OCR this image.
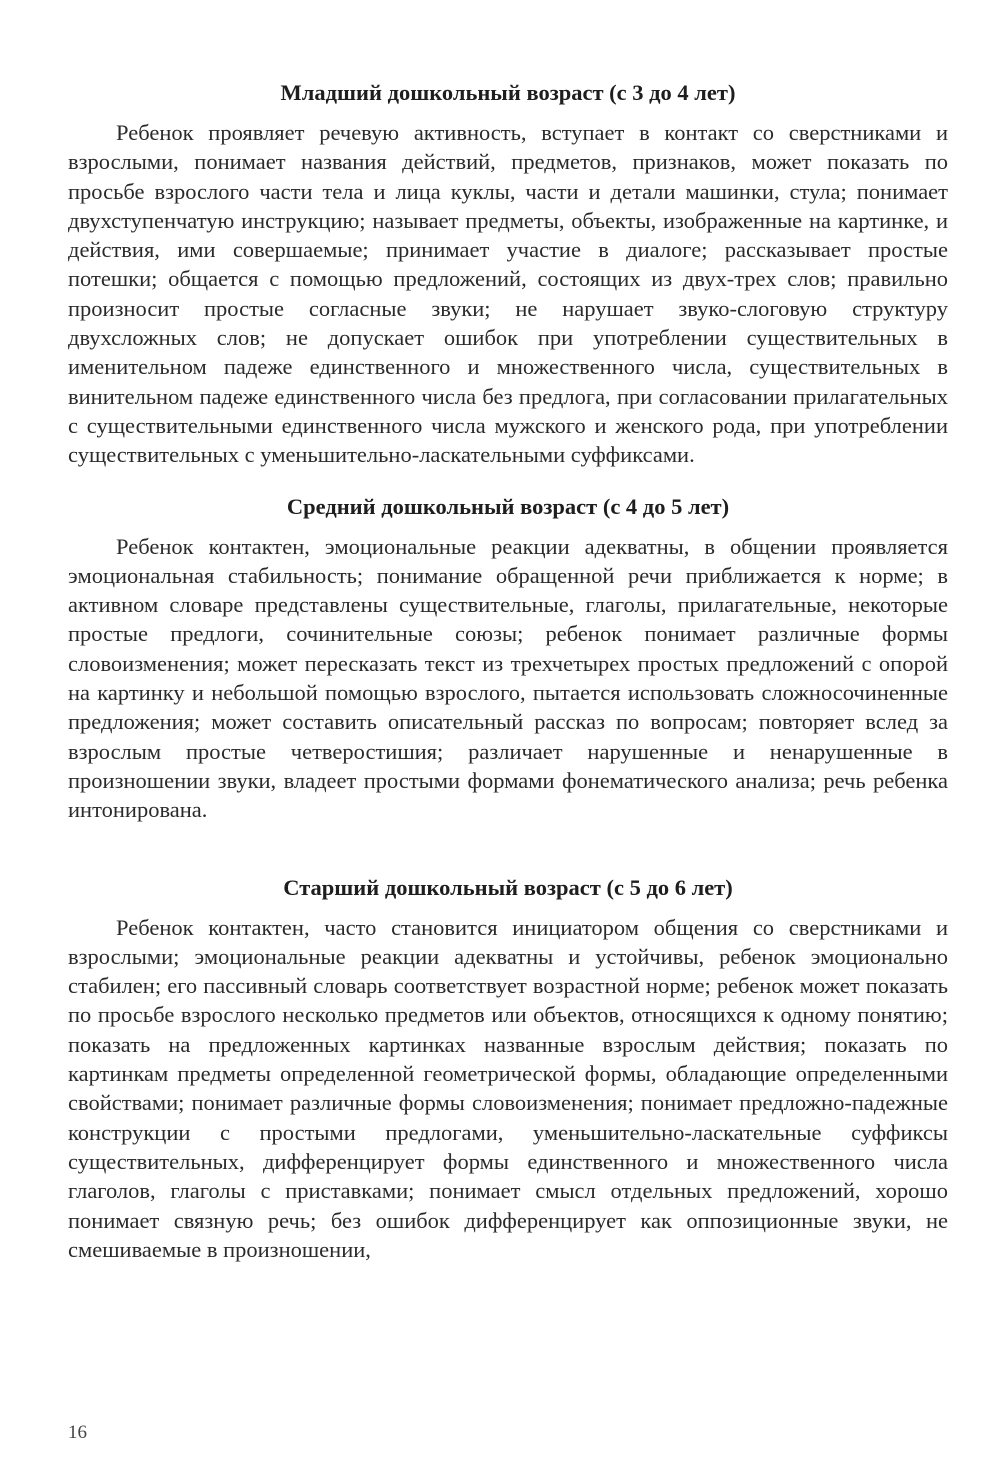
Младший дошкольный возраст (с 3 до 4 лет)

Ребенок проявляет речевую активность, вступает в контакт со сверстниками и взрослыми, понимает названия действий, предметов, признаков, может показать по просьбе взрослого части тела и лица куклы, части и детали машинки, стула; понимает двухступенчатую инструкцию; называет предметы, объекты, изображенные на картинке, и действия, ими совершаемые; принимает участие в диалоге; рассказывает простые потешки; общается с помощью предложений, состоящих из двух-трех слов; правильно произносит простые согласные звуки; не нарушает звуко-слоговую структуру двухсложных слов; не допускает ошибок при употреблении существительных в именительном падеже единственного и множественного числа, существительных в винительном падеже единственного числа без предлога, при согласовании прилагательных с существительными единственного числа мужского и женского рода, при употреблении существительных с уменьшительно-ласкательными суффиксами.

Средний дошкольный возраст (с 4 до 5 лет)

Ребенок контактен, эмоциональные реакции адекватны, в общении проявляется эмоциональная стабильность; понимание обращенной речи приближается к норме; в активном словаре представлены существительные, глаголы, прилагательные, некоторые простые предлоги, сочинительные союзы; ребенок понимает различные формы словоизменения; может пересказать текст из трехчетырех простых предложений с опорой на картинку и небольшой помощью взрослого, пытается использовать сложносочиненные предложения; может составить описательный рассказ по вопросам; повторяет вслед за взрослым простые четверостишия; различает нарушенные и ненарушенные в произношении звуки, владеет простыми формами фонематического анализа; речь ребенка интонирована.

Старший дошкольный возраст (с 5 до 6 лет)

Ребенок контактен, часто становится инициатором общения со сверстниками и взрослыми; эмоциональные реакции адекватны и устойчивы, ребенок эмоционально стабилен; его пассивный словарь соответствует возрастной норме; ребенок может показать по просьбе взрослого несколько предметов или объектов, относящихся к одному понятию; показать на предложенных картинках названные взрослым действия; показать по картинкам предметы определенной геометрической формы, обладающие определенными свойствами; понимает различные формы словоизменения; понимает предложно-падежные конструкции с простыми предлогами, уменьшительно-ласкательные суффиксы существительных, дифференцирует формы единственного и множественного числа глаголов, глаголы с приставками; понимает смысл отдельных предложений, хорошо понимает связную речь; без ошибок дифференцирует как оппозиционные звуки, не смешиваемые в произношении,

16
